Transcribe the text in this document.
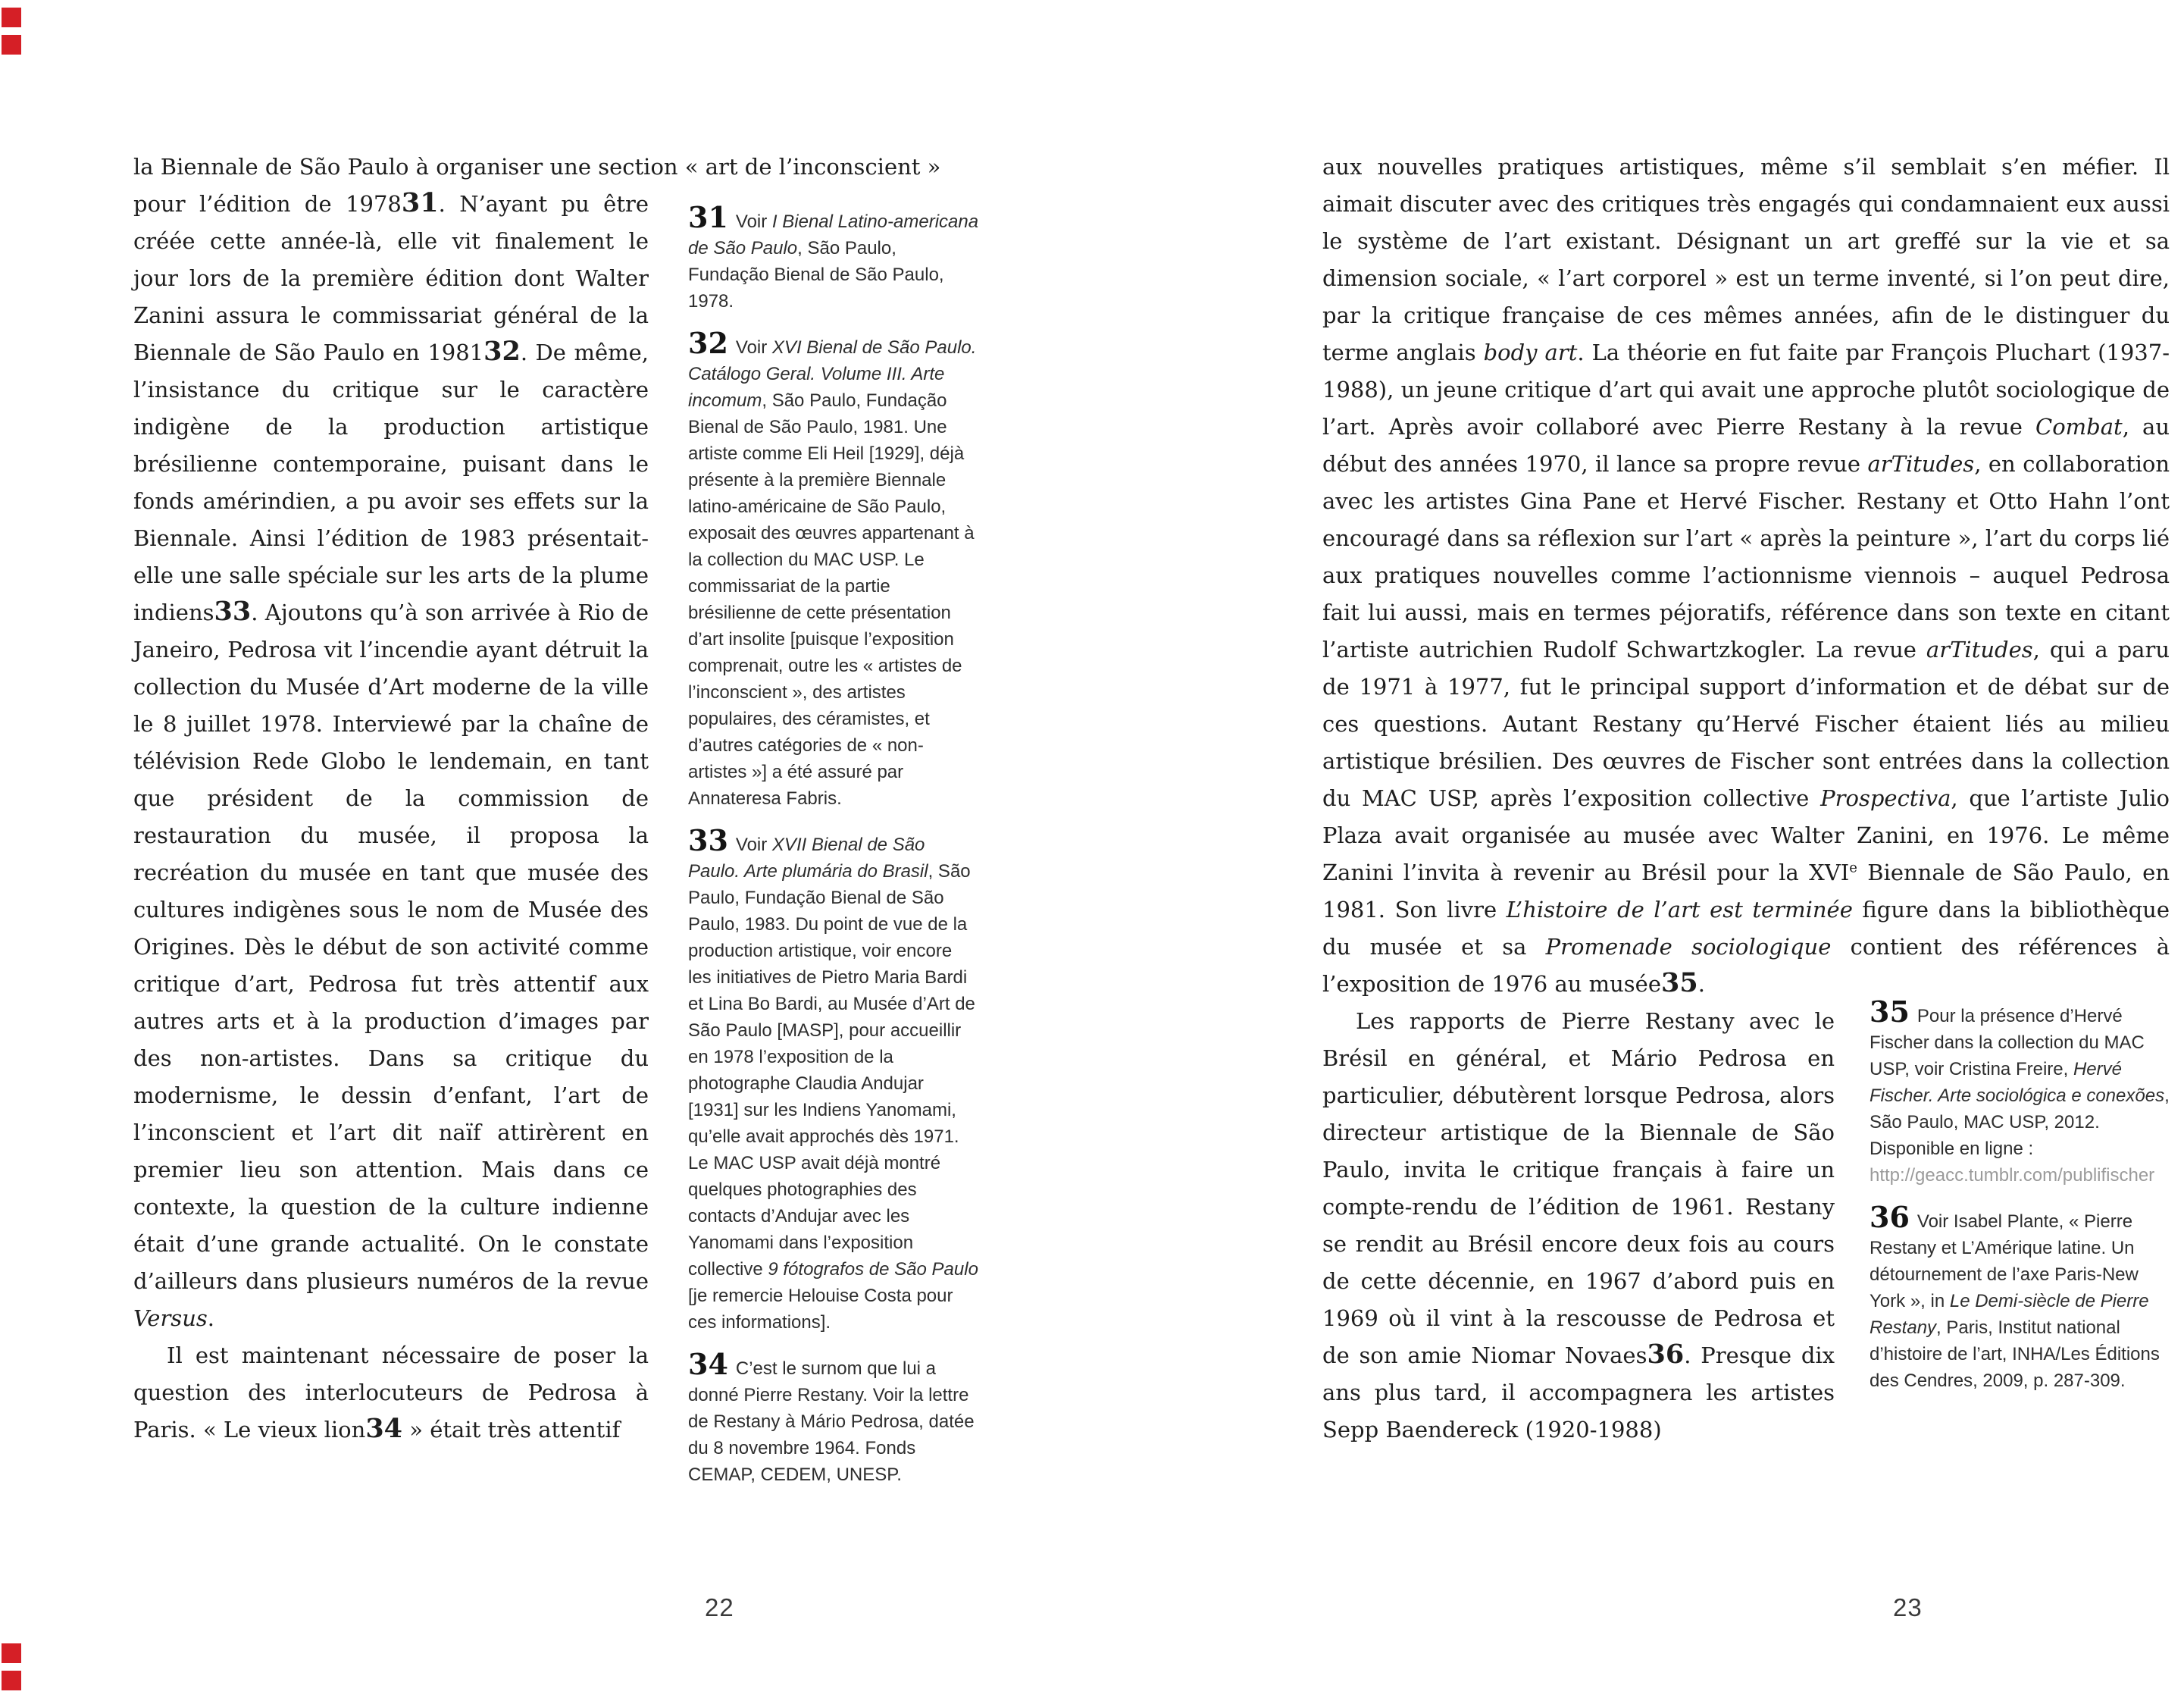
la Biennale de São Paulo à organiser une section « art de l’inconscient »

pour l’édition de 197831. N’ayant pu être créée cette année-là, elle vit finalement le jour lors de la première édition dont Walter Zanini assura le commissariat général de la Biennale de São Paulo en 198132. De même, l’insistance du critique sur le caractère indigène de la production artistique brésilienne contemporaine, puisant dans le fonds amérindien, a pu avoir ses effets sur la Biennale. Ainsi l’édition de 1983 présentait-elle une salle spéciale sur les arts de la plume indiens33. Ajoutons qu’à son arrivée à Rio de Janeiro, Pedrosa vit l’incendie ayant détruit la collection du Musée d’Art moderne de la ville le 8 juillet 1978. Interviewé par la chaîne de télévision Rede Globo le lendemain, en tant que président de la commission de restauration du musée, il proposa la recréation du musée en tant que musée des cultures indigènes sous le nom de Musée des Origines. Dès le début de son activité comme critique d’art, Pedrosa fut très attentif aux autres arts et à la production d’images par des non-artistes. Dans sa critique du modernisme, le dessin d’enfant, l’art de l’inconscient et l’art dit naïf attirèrent en premier lieu son attention. Mais dans ce contexte, la question de la culture indienne était d’une grande actualité. On le constate d’ailleurs dans plusieurs numéros de la revue Versus.

Il est maintenant nécessaire de poser la question des interlocuteurs de Pedrosa à Paris. « Le vieux lion34 » était très attentif

31 Voir I Bienal Latino-americana de São Paulo, São Paulo, Fundação Bienal de São Paulo, 1978.
32 Voir XVI Bienal de São Paulo. Catálogo Geral. Volume III. Arte incomum, São Paulo, Fundação Bienal de São Paulo, 1981. Une artiste comme Eli Heil [1929], déjà présente à la première Biennale latino-américaine de São Paulo, exposait des œuvres appartenant à la collection du MAC USP. Le commissariat de la partie brésilienne de cette présentation d’art insolite [puisque l’exposition comprenait, outre les « artistes de l’inconscient », des artistes populaires, des céramistes, et d’autres catégories de « non-artistes »] a été assuré par Annateresa Fabris.
33 Voir XVII Bienal de São Paulo. Arte plumária do Brasil, São Paulo, Fundação Bienal de São Paulo, 1983. Du point de vue de la production artistique, voir encore les initiatives de Pietro Maria Bardi et Lina Bo Bardi, au Musée d’Art de São Paulo [MASP], pour accueillir en 1978 l’exposition de la photographe Claudia Andujar [1931] sur les Indiens Yanomami, qu’elle avait approchés dès 1971. Le MAC USP avait déjà montré quelques photographies des contacts d’Andujar avec les Yanomami dans l’exposition collective 9 fótografos de São Paulo [je remercie Helouise Costa pour ces informations].
34 C’est le surnom que lui a donné Pierre Restany. Voir la lettre de Restany à Mário Pedrosa, datée du 8 novembre 1964. Fonds CEMAP, CEDEM, UNESP.

aux nouvelles pratiques artistiques, même s’il semblait s’en méfier. Il aimait discuter avec des critiques très engagés qui condamnaient eux aussi le système de l’art existant. Désignant un art greffé sur la vie et sa dimension sociale, « l’art corporel » est un terme inventé, si l’on peut dire, par la critique française de ces mêmes années, afin de le distinguer du terme anglais body art. La théorie en fut faite par François Pluchart (1937-1988), un jeune critique d’art qui avait une approche plutôt sociologique de l’art. Après avoir collaboré avec Pierre Restany à la revue Combat, au début des années 1970, il lance sa propre revue arTitudes, en collaboration avec les artistes Gina Pane et Hervé Fischer. Restany et Otto Hahn l’ont encouragé dans sa réflexion sur l’art « après la peinture », l’art du corps lié aux pratiques nouvelles comme l’actionnisme viennois – auquel Pedrosa fait lui aussi, mais en termes péjoratifs, référence dans son texte en citant l’artiste autrichien Rudolf Schwartzkogler. La revue arTitudes, qui a paru de 1971 à 1977, fut le principal support d’information et de débat sur de ces questions. Autant Restany qu’Hervé Fischer étaient liés au milieu artistique brésilien. Des œuvres de Fischer sont entrées dans la collection du MAC USP, après l’exposition collective Prospectiva, que l’artiste Julio Plaza avait organisée au musée avec Walter Zanini, en 1976. Le même Zanini l’invita à revenir au Brésil pour la XVIe Biennale de São Paulo, en 1981. Son livre L’histoire de l’art est terminée figure dans la bibliothèque du musée et sa Promenade sociologique contient des références à l’exposition de 1976 au musée35.

Les rapports de Pierre Restany avec le Brésil en général, et Mário Pedrosa en particulier, débutèrent lorsque Pedrosa, alors directeur artistique de la Biennale de São Paulo, invita le critique français à faire un compte-rendu de l’édition de 1961. Restany se rendit au Brésil encore deux fois au cours de cette décennie, en 1967 d’abord puis en 1969 où il vint à la rescousse de Pedrosa et de son amie Niomar Novaes36. Presque dix ans plus tard, il accompagnera les artistes Sepp Baendereck (1920-1988)

35 Pour la présence d’Hervé Fischer dans la collection du MAC USP, voir Cristina Freire, Hervé Fischer. Arte sociológica e conexões, São Paulo, MAC USP, 2012. Disponible en ligne : http://geacc.tumblr.com/publifischer
36 Voir Isabel Plante, « Pierre Restany et L’Amérique latine. Un détournement de l’axe Paris-New York », in Le Demi-siècle de Pierre Restany, Paris, Institut national d’histoire de l’art, INHA/Les Éditions des Cendres, 2009, p. 287-309.
22	23
